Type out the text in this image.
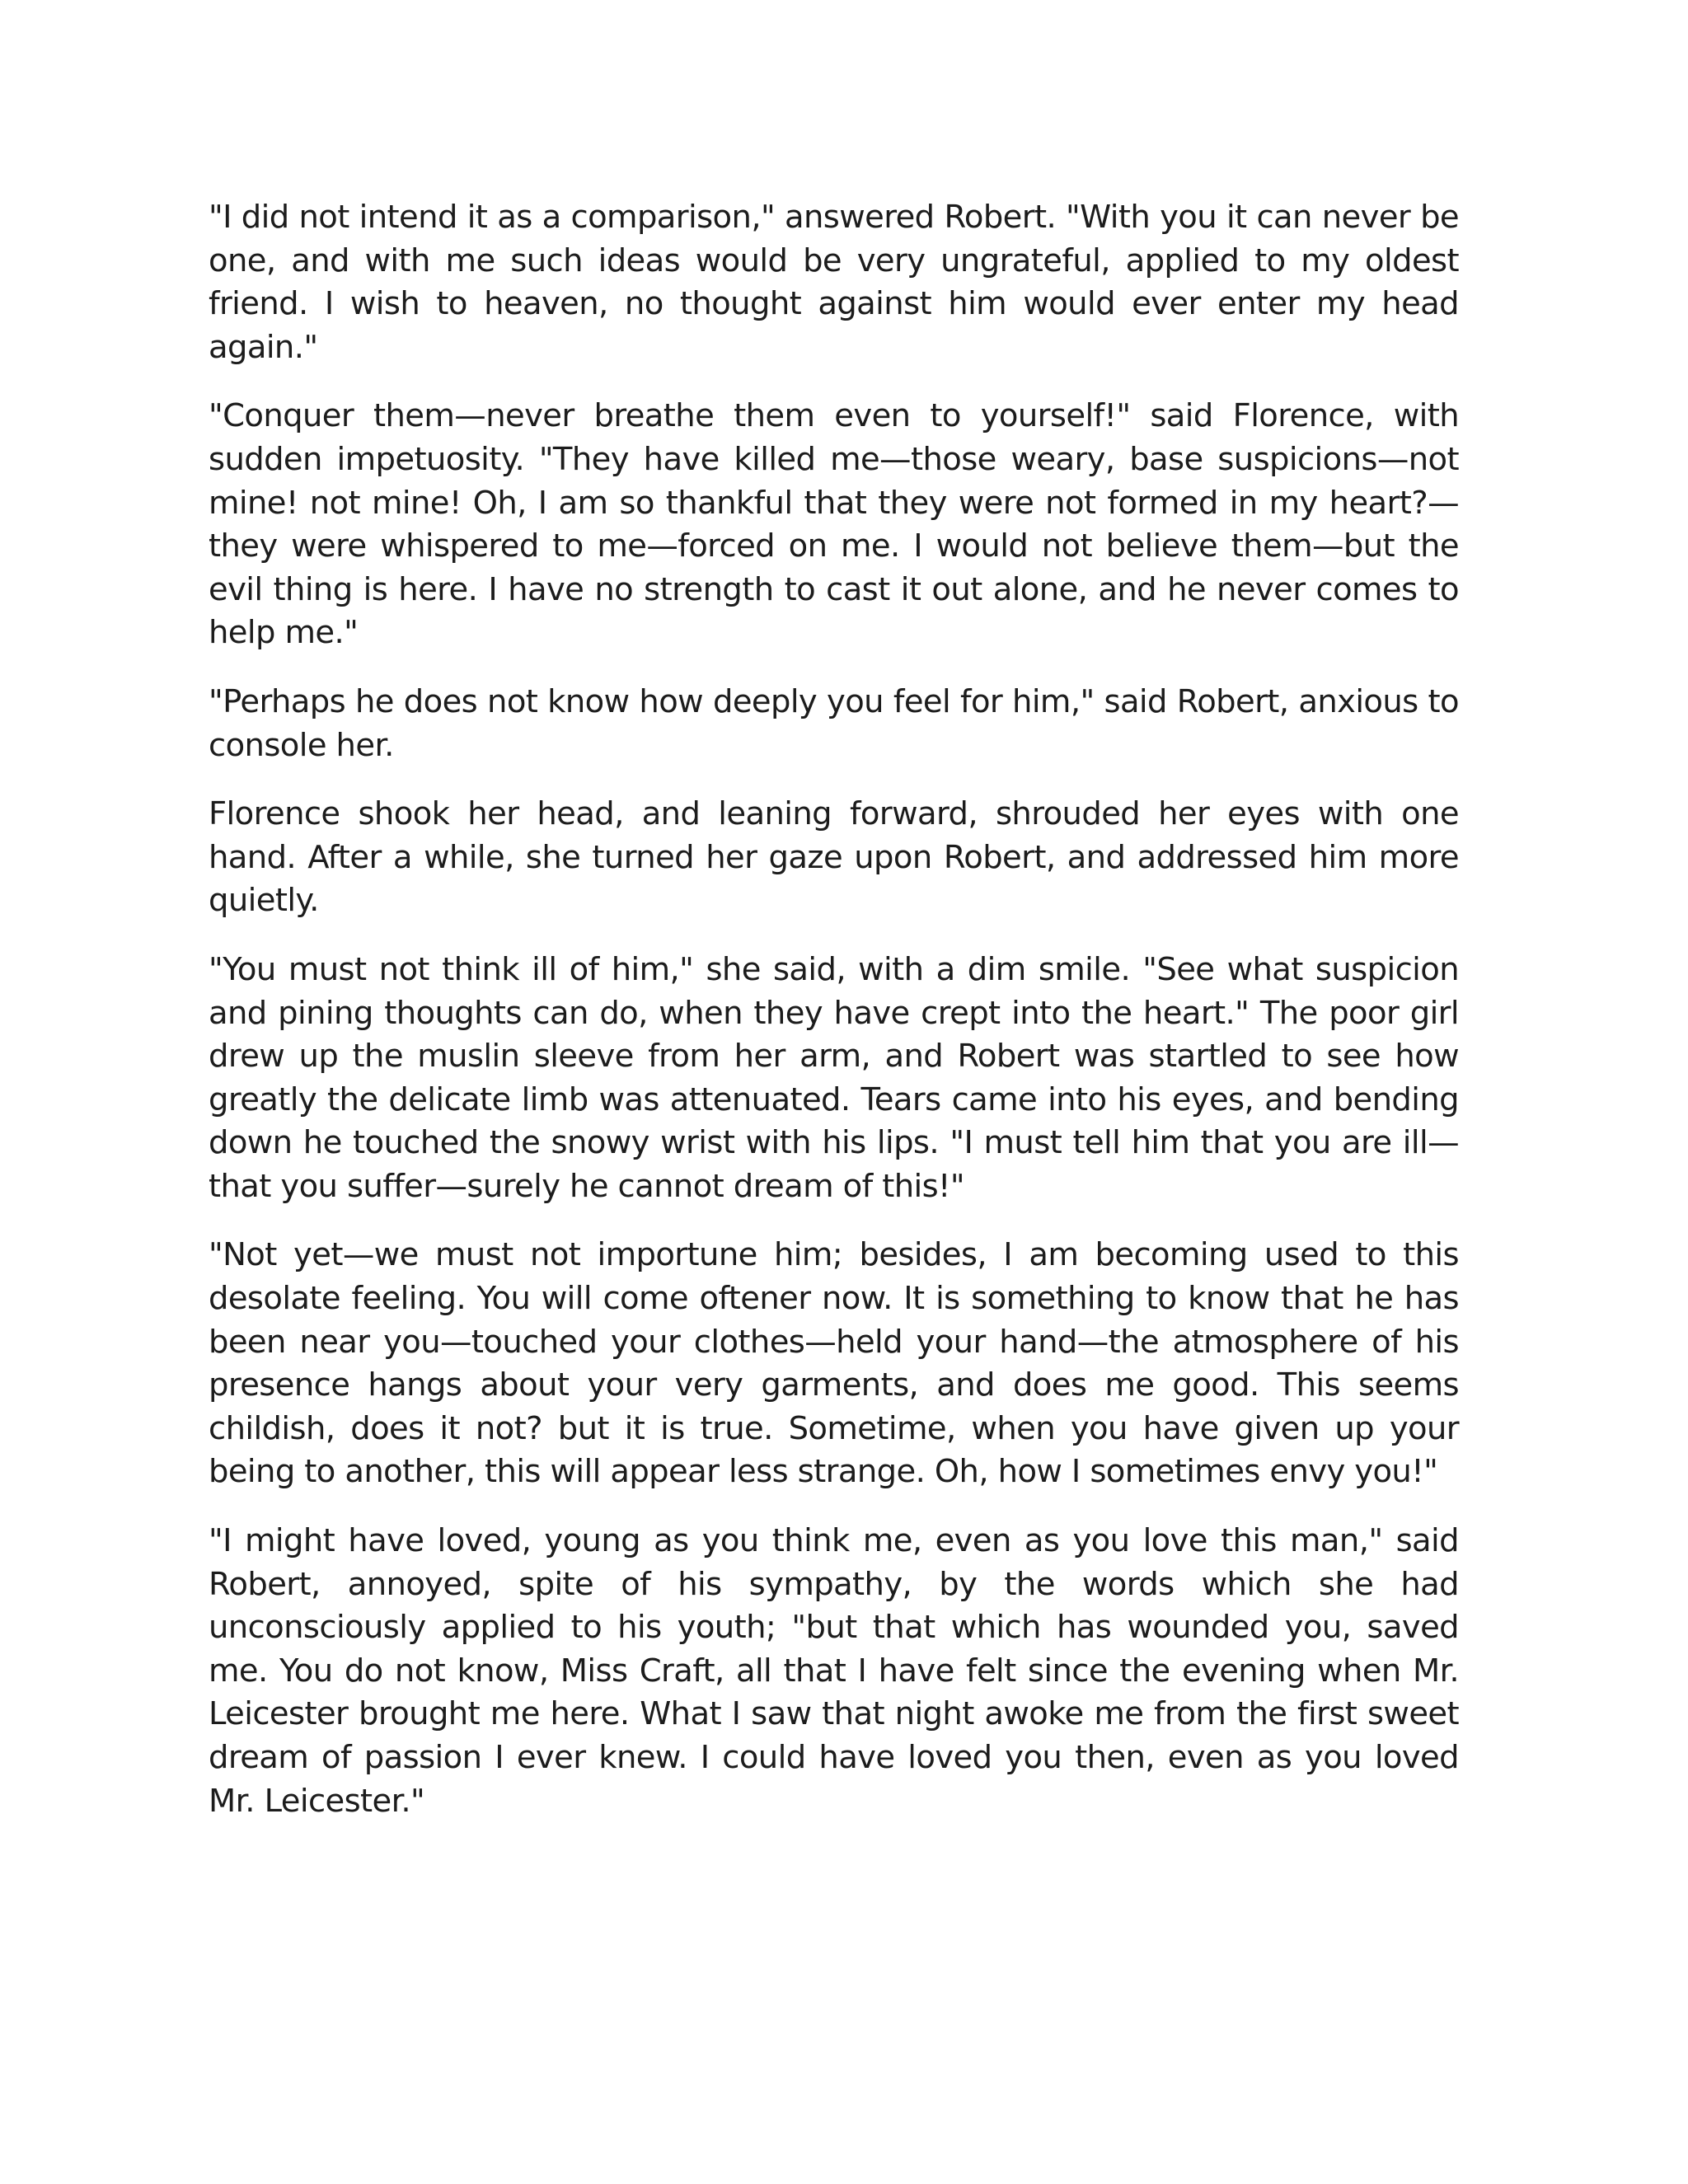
"I did not intend it as a comparison," answered Robert. "With you it can never be one, and with me such ideas would be very ungrateful, applied to my oldest friend. I wish to heaven, no thought against him would ever enter my head again."

"Conquer them—never breathe them even to yourself!" said Florence, with sudden impetuosity. "They have killed me—those weary, base suspicions—not mine! not mine! Oh, I am so thankful that they were not formed in my heart?—they were whispered to me—forced on me. I would not believe them—but the evil thing is here. I have no strength to cast it out alone, and he never comes to help me."

"Perhaps he does not know how deeply you feel for him," said Robert, anxious to console her.

Florence shook her head, and leaning forward, shrouded her eyes with one hand. After a while, she turned her gaze upon Robert, and addressed him more quietly.

"You must not think ill of him," she said, with a dim smile. "See what suspicion and pining thoughts can do, when they have crept into the heart." The poor girl drew up the muslin sleeve from her arm, and Robert was startled to see how greatly the delicate limb was attenuated. Tears came into his eyes, and bending down he touched the snowy wrist with his lips. "I must tell him that you are ill—that you suffer—surely he cannot dream of this!"

"Not yet—we must not importune him; besides, I am becoming used to this desolate feeling. You will come oftener now. It is something to know that he has been near you—touched your clothes—held your hand—the atmosphere of his presence hangs about your very garments, and does me good. This seems childish, does it not? but it is true. Sometime, when you have given up your being to another, this will appear less strange. Oh, how I sometimes envy you!"

"I might have loved, young as you think me, even as you love this man," said Robert, annoyed, spite of his sympathy, by the words which she had unconsciously applied to his youth; "but that which has wounded you, saved me. You do not know, Miss Craft, all that I have felt since the evening when Mr. Leicester brought me here. What I saw that night awoke me from the first sweet dream of passion I ever knew. I could have loved you then, even as you loved Mr. Leicester."
